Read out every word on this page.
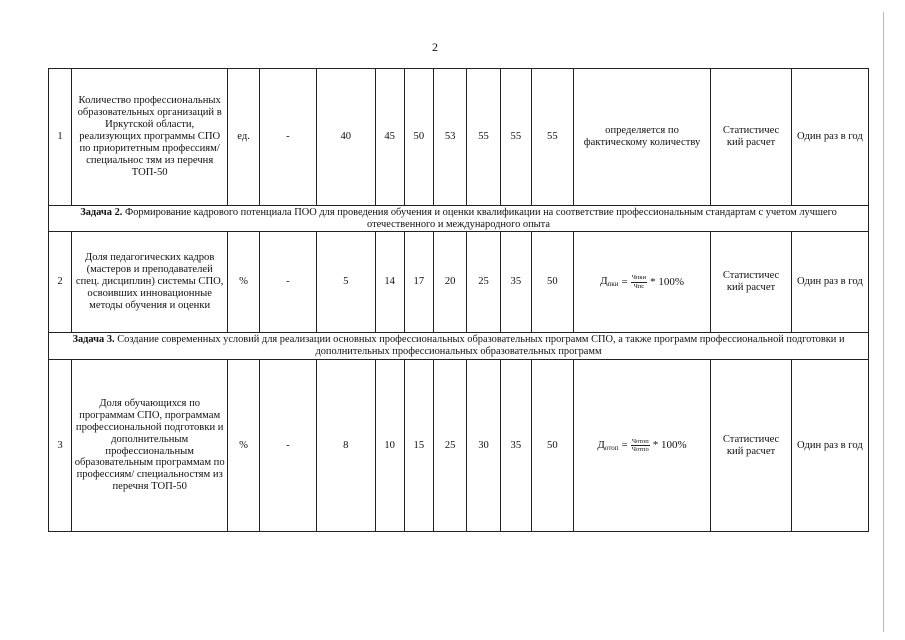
2
1	Количество профессиональных образовательных организаций в Иркутской области, реализующих программы СПО по приоритетным профессиям/специальнос тям из перечня ТОП-50	ед.	-	40	45	50	53	55	55	55	определяется по фактическому количеству	Статистичес кий расчет	Один раз в год
Задача 2. Формирование кадрового потенциала ПОО для проведения обучения и оценки квалификации на соответствие профессиональным стандартам с учетом лучшего отечественного и международного опыта													
2	Доля педагогических кадров (мастеров и преподавателей спец. дисциплин) системы СПО, освоивших инновационные методы обучения и оценки	%	-	5	14	17	20	25	35	50	$Д_{пки} = \frac{\text{Чпки}}{\text{Чпс}} * 100\%$	Статистичес кий расчет	Один раз в год
Задача 3. Создание современных условий для реализации основных профессиональных образовательных программ СПО, а также программ профессиональной подготовки и дополнительных профессиональных образовательных программ													
3	Доля обучающихся по программам СПО, программам профессиональной подготовки и дополнительным профессиональным образовательным программам по профессиям/ специальностям из перечня ТОП-50	%	-	8	10	15	25	30	35	50	$Д_{отоп} = \frac{\text{Чотоп}}{\text{Чотпо}} * 100\%$	Статистичес кий расчет	Один раз в год
